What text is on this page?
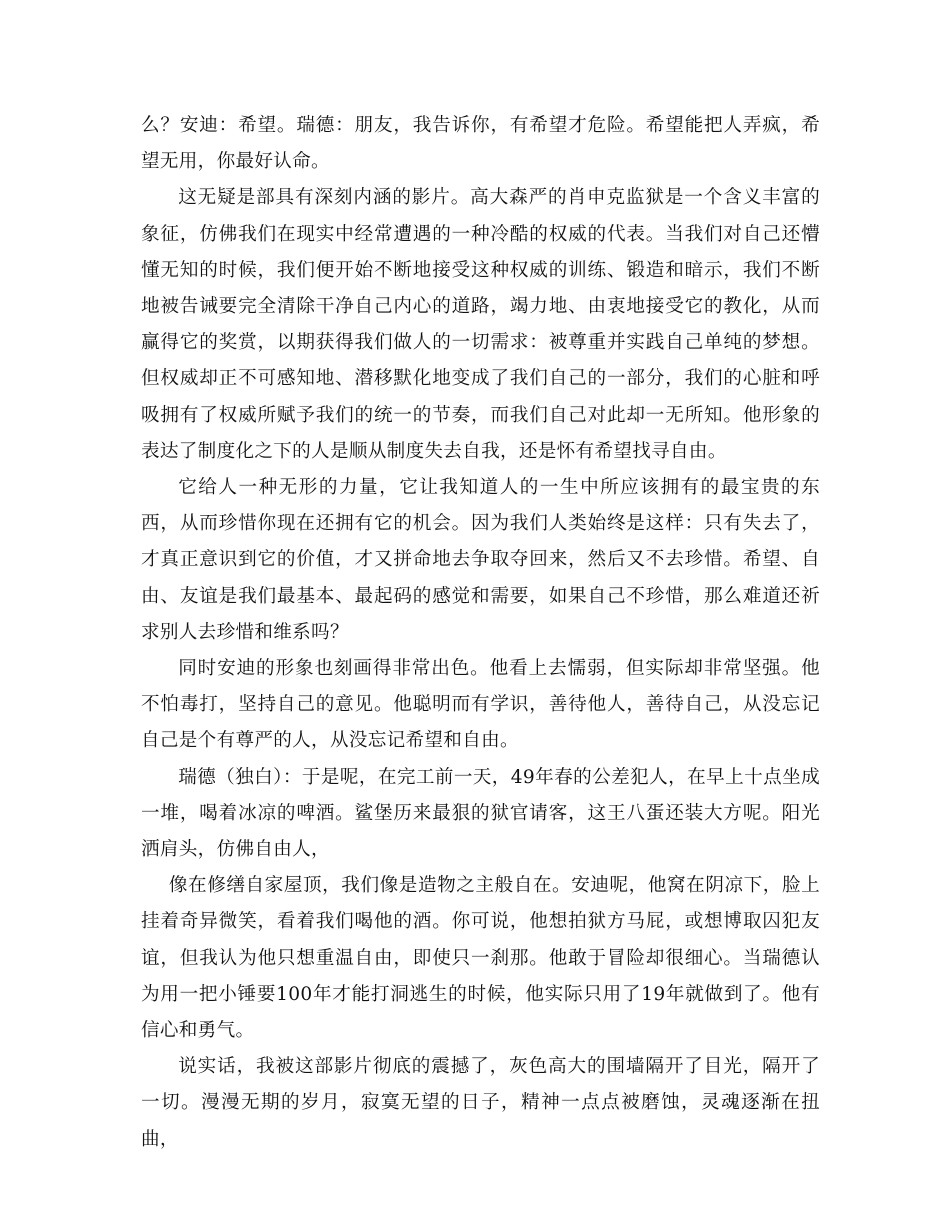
么？安迪：希望。瑞德：朋友，我告诉你，有希望才危险。希望能把人弄疯，希望无用，你最好认命。

这无疑是部具有深刻内涵的影片。高大森严的肖申克监狱是一个含义丰富的象征，仿佛我们在现实中经常遭遇的一种冷酷的权威的代表。当我们对自己还懵懂无知的时候，我们便开始不断地接受这种权威的训练、锻造和暗示，我们不断地被告诫要完全清除干净自己内心的道路，竭力地、由衷地接受它的教化，从而赢得它的奖赏，以期获得我们做人的一切需求：被尊重并实践自己单纯的梦想。但权威却正不可感知地、潜移默化地变成了我们自己的一部分，我们的心脏和呼吸拥有了权威所赋予我们的统一的节奏，而我们自己对此却一无所知。他形象的表达了制度化之下的人是顺从制度失去自我，还是怀有希望找寻自由。

它给人一种无形的力量，它让我知道人的一生中所应该拥有的最宝贵的东西，从而珍惜你现在还拥有它的机会。因为我们人类始终是这样：只有失去了，才真正意识到它的价值，才又拼命地去争取夺回来，然后又不去珍惜。希望、自由、友谊是我们最基本、最起码的感觉和需要，如果自己不珍惜，那么难道还祈求别人去珍惜和维系吗？

同时安迪的形象也刻画得非常出色。他看上去懦弱，但实际却非常坚强。他不怕毒打，坚持自己的意见。他聪明而有学识，善待他人，善待自己，从没忘记自己是个有尊严的人，从没忘记希望和自由。

瑞德（独白）：于是呢，在完工前一天，49年春的公差犯人，在早上十点坐成一堆，喝着冰凉的啤酒。鲨堡历来最狠的狱官请客，这王八蛋还装大方呢。阳光洒肩头，仿佛自由人，

像在修缮自家屋顶，我们像是造物之主般自在。安迪呢，他窝在阴凉下，脸上挂着奇异微笑，看着我们喝他的酒。你可说，他想拍狱方马屁，或想博取囚犯友谊，但我认为他只想重温自由，即使只一刹那。他敢于冒险却很细心。当瑞德认为用一把小锤要100年才能打洞逃生的时候，他实际只用了19年就做到了。他有信心和勇气。

说实话，我被这部影片彻底的震撼了，灰色高大的围墙隔开了目光，隔开了一切。漫漫无期的岁月，寂寞无望的日子，精神一点点被磨蚀，灵魂逐渐在扭曲，
